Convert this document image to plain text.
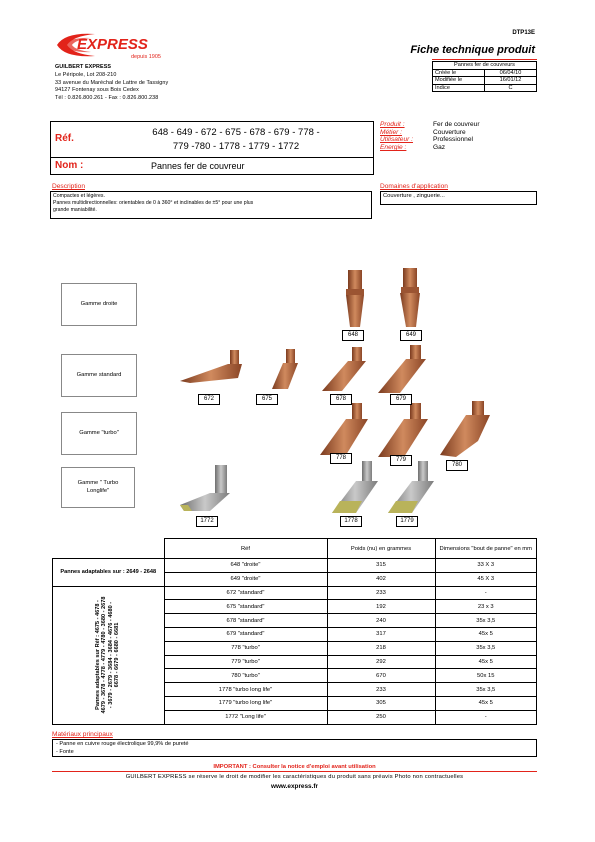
EXPRESS
depuis 1905
GUILBERT EXPRESS
Le Péripole, Lot 208-210
33 avenue du Maréchal de Lattre de Tassigny
94127 Fontenay sous Bois Cedex
Tél : 0.826.800.261 - Fax : 0.826.800.238
DTP13E
Fiche technique produit
Pannes fer de couvreurs	
Créée le	06/04/10
Modifiée le	16/01/12
Indice	C
Réf.
648 - 649 - 672 - 675 - 678 - 679 - 778 -
779 -780 - 1778 - 1779 - 1772
Nom :	Pannes fer de couvreur
Produit :	Fer de couvreur
Métier :	Couverture
Utilisateur :	Professionnel
Energie :	Gaz
Description
Compactes et légères.
Pannes multidirectionnelles: orientables de 0 à 360° et inclinables de ±5° pour une plus
grande maniabilité.
Domaines d'application
Couverture , zinguerie...
Gamme droite
Gamme standard
Gamme "turbo"
Gamme " Turbo Longlife"
648	649
672	675	678	679
778	779
780
1772	1778	1779
	Réf	Poids (nu) en grammes	Dimensions "bout de panne" en mm
Pannes adaptables sur : 2649 - 2648	648 "droite"	315	33 X 3
	649 "droite"	402	45 X 3

Pannes adaptables sur Réf : 4675 - 4678 - 4679 - 3678 - 4778 - 4779 - 4780 - 3680 - 2678 - 3679 - 2679 - 3684 - 3684 - 4676 - 4680 - 6678 - 6679 - 6680 - 6681	672 "standard"	233	-
	675 "standard"	192	23 x 3
	678 "standard"	240	35x 3,5
	679 "standard"	317	45x 5
	778 "turbo"	218	35x 3,5
	779 "turbo"	292	45x 5
	780 "turbo"	670	50x 15
	1778 "turbo long life"	233	35x 3,5
	1779 "turbo long life"	305	45x 5
	1772 "Long life"	250	-
Matériaux principaux
- Panne en cuivre rouge électrolique 99,9% de pureté
- Fonte
IMPORTANT : Consulter la notice d'emploi avant utilisation
GUILBERT EXPRESS se réserve le droit de modifier les caractéristiques du produit sans préavis Photo non contractuelles
www.express.fr
